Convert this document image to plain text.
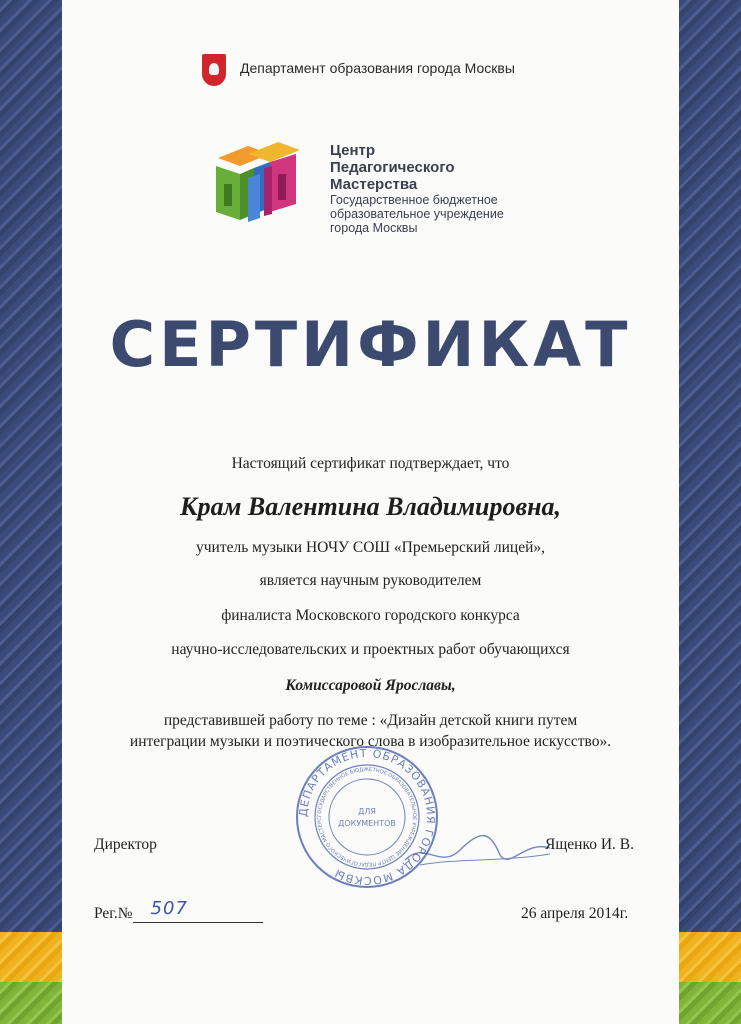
Департамент образования города Москвы
Центр
Педагогического
Мастерства
Государственное бюджетное
образовательное учреждение
города Москвы
СЕРТИФИКАТ
Настоящий сертификат подтверждает, что
Крам Валентина Владимировна,
учитель музыки НОЧУ СОШ «Премьерский лицей»,
является научным руководителем
финалиста Московского городского конкурса
научно-исследовательских и проектных работ обучающихся
Комиссаровой Ярославы,
представившей работу по теме : «Дизайн детской книги путем
интеграции музыки и поэтического слова в изобразительное искусство».
ДЕПАРТАМЕНТ ОБРАЗОВАНИЯ ГОРОДА МОСКВЫ
ГОСУДАРСТВЕННОЕ БЮДЖЕТНОЕ ОБРАЗОВАТЕЛЬНОЕ УЧРЕЖДЕНИЕ ЦЕНТР ПЕДАГОГИЧЕСКОГО МАСТЕРС
ДЛЯ
ДОКУМЕНТОВ
Директор	Ященко И. В.
Рег.№ 507	26 апреля 2014г.
